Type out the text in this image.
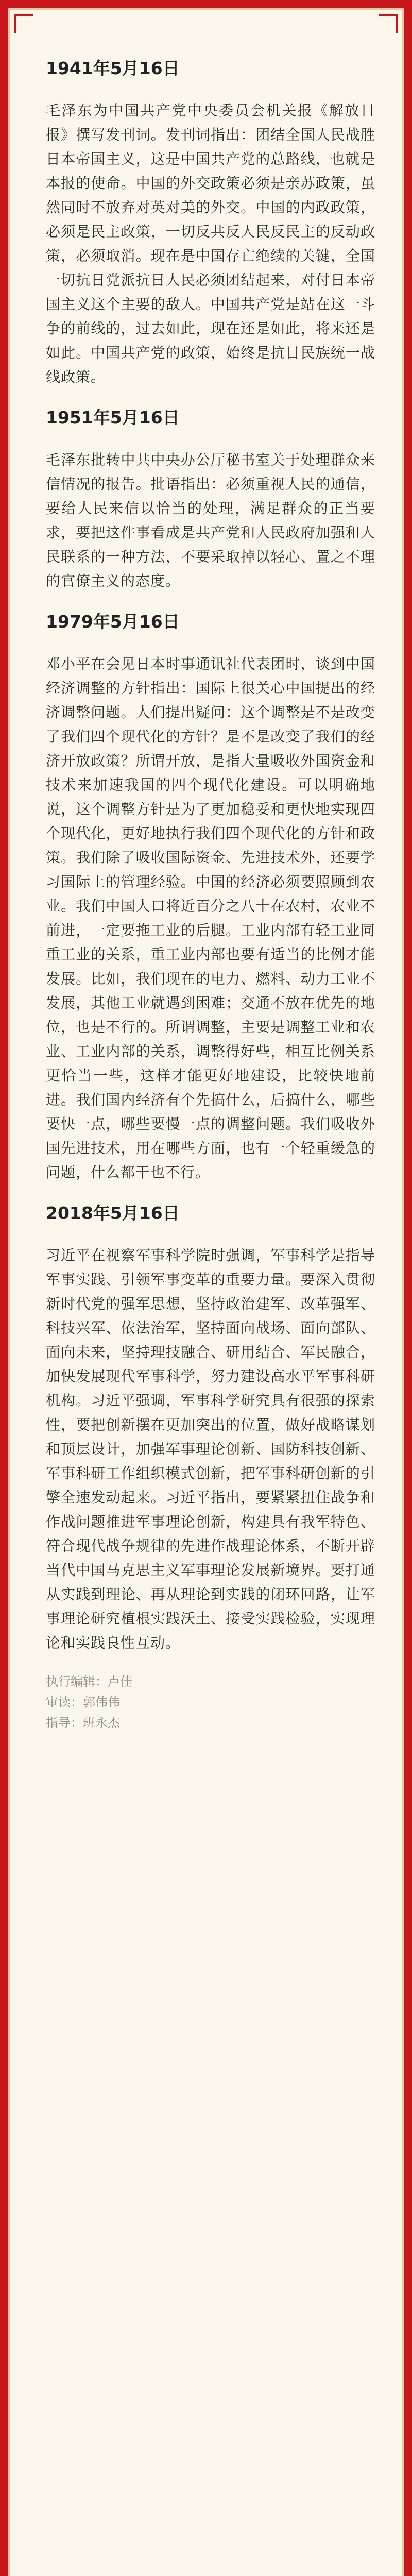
1941年5月16日

毛泽东为中国共产党中央委员会机关报《解放日报》撰写发刊词。发刊词指出：团结全国人民战胜日本帝国主义，这是中国共产党的总路线，也就是本报的使命。中国的外交政策必须是亲苏政策，虽然同时不放弃对英对美的外交。中国的内政政策，必须是民主政策，一切反共反人民反民主的反动政策，必须取消。现在是中国存亡绝续的关键，全国一切抗日党派抗日人民必须团结起来，对付日本帝国主义这个主要的敌人。中国共产党是站在这一斗争的前线的，过去如此，现在还是如此，将来还是如此。中国共产党的政策，始终是抗日民族统一战线政策。

1951年5月16日

毛泽东批转中共中央办公厅秘书室关于处理群众来信情况的报告。批语指出：必须重视人民的通信，要给人民来信以恰当的处理，满足群众的正当要求，要把这件事看成是共产党和人民政府加强和人民联系的一种方法，不要采取掉以轻心、置之不理的官僚主义的态度。

1979年5月16日

邓小平在会见日本时事通讯社代表团时，谈到中国经济调整的方针指出：国际上很关心中国提出的经济调整问题。人们提出疑问：这个调整是不是改变了我们四个现代化的方针？是不是改变了我们的经济开放政策？所谓开放，是指大量吸收外国资金和技术来加速我国的四个现代化建设。可以明确地说，这个调整方针是为了更加稳妥和更快地实现四个现代化，更好地执行我们四个现代化的方针和政策。我们除了吸收国际资金、先进技术外，还要学习国际上的管理经验。中国的经济必须要照顾到农业。我们中国人口将近百分之八十在农村，农业不前进，一定要拖工业的后腿。工业内部有轻工业同重工业的关系，重工业内部也要有适当的比例才能发展。比如，我们现在的电力、燃料、动力工业不发展，其他工业就遇到困难；交通不放在优先的地位，也是不行的。所谓调整，主要是调整工业和农业、工业内部的关系，调整得好些，相互比例关系更恰当一些，这样才能更好地建设，比较快地前进。我们国内经济有个先搞什么，后搞什么，哪些要快一点，哪些要慢一点的调整问题。我们吸收外国先进技术，用在哪些方面，也有一个轻重缓急的问题，什么都干也不行。

2018年5月16日

习近平在视察军事科学院时强调，军事科学是指导军事实践、引领军事变革的重要力量。要深入贯彻新时代党的强军思想，坚持政治建军、改革强军、科技兴军、依法治军，坚持面向战场、面向部队、面向未来，坚持理技融合、研用结合、军民融合，加快发展现代军事科学，努力建设高水平军事科研机构。习近平强调，军事科学研究具有很强的探索性，要把创新摆在更加突出的位置，做好战略谋划和顶层设计，加强军事理论创新、国防科技创新、军事科研工作组织模式创新，把军事科研创新的引擎全速发动起来。习近平指出，要紧紧扭住战争和作战问题推进军事理论创新，构建具有我军特色、符合现代战争规律的先进作战理论体系，不断开辟当代中国马克思主义军事理论发展新境界。要打通从实践到理论、再从理论到实践的闭环回路，让军事理论研究植根实践沃土、接受实践检验，实现理论和实践良性互动。

执行编辑：卢佳
审读：郭伟伟
指导：班永杰
